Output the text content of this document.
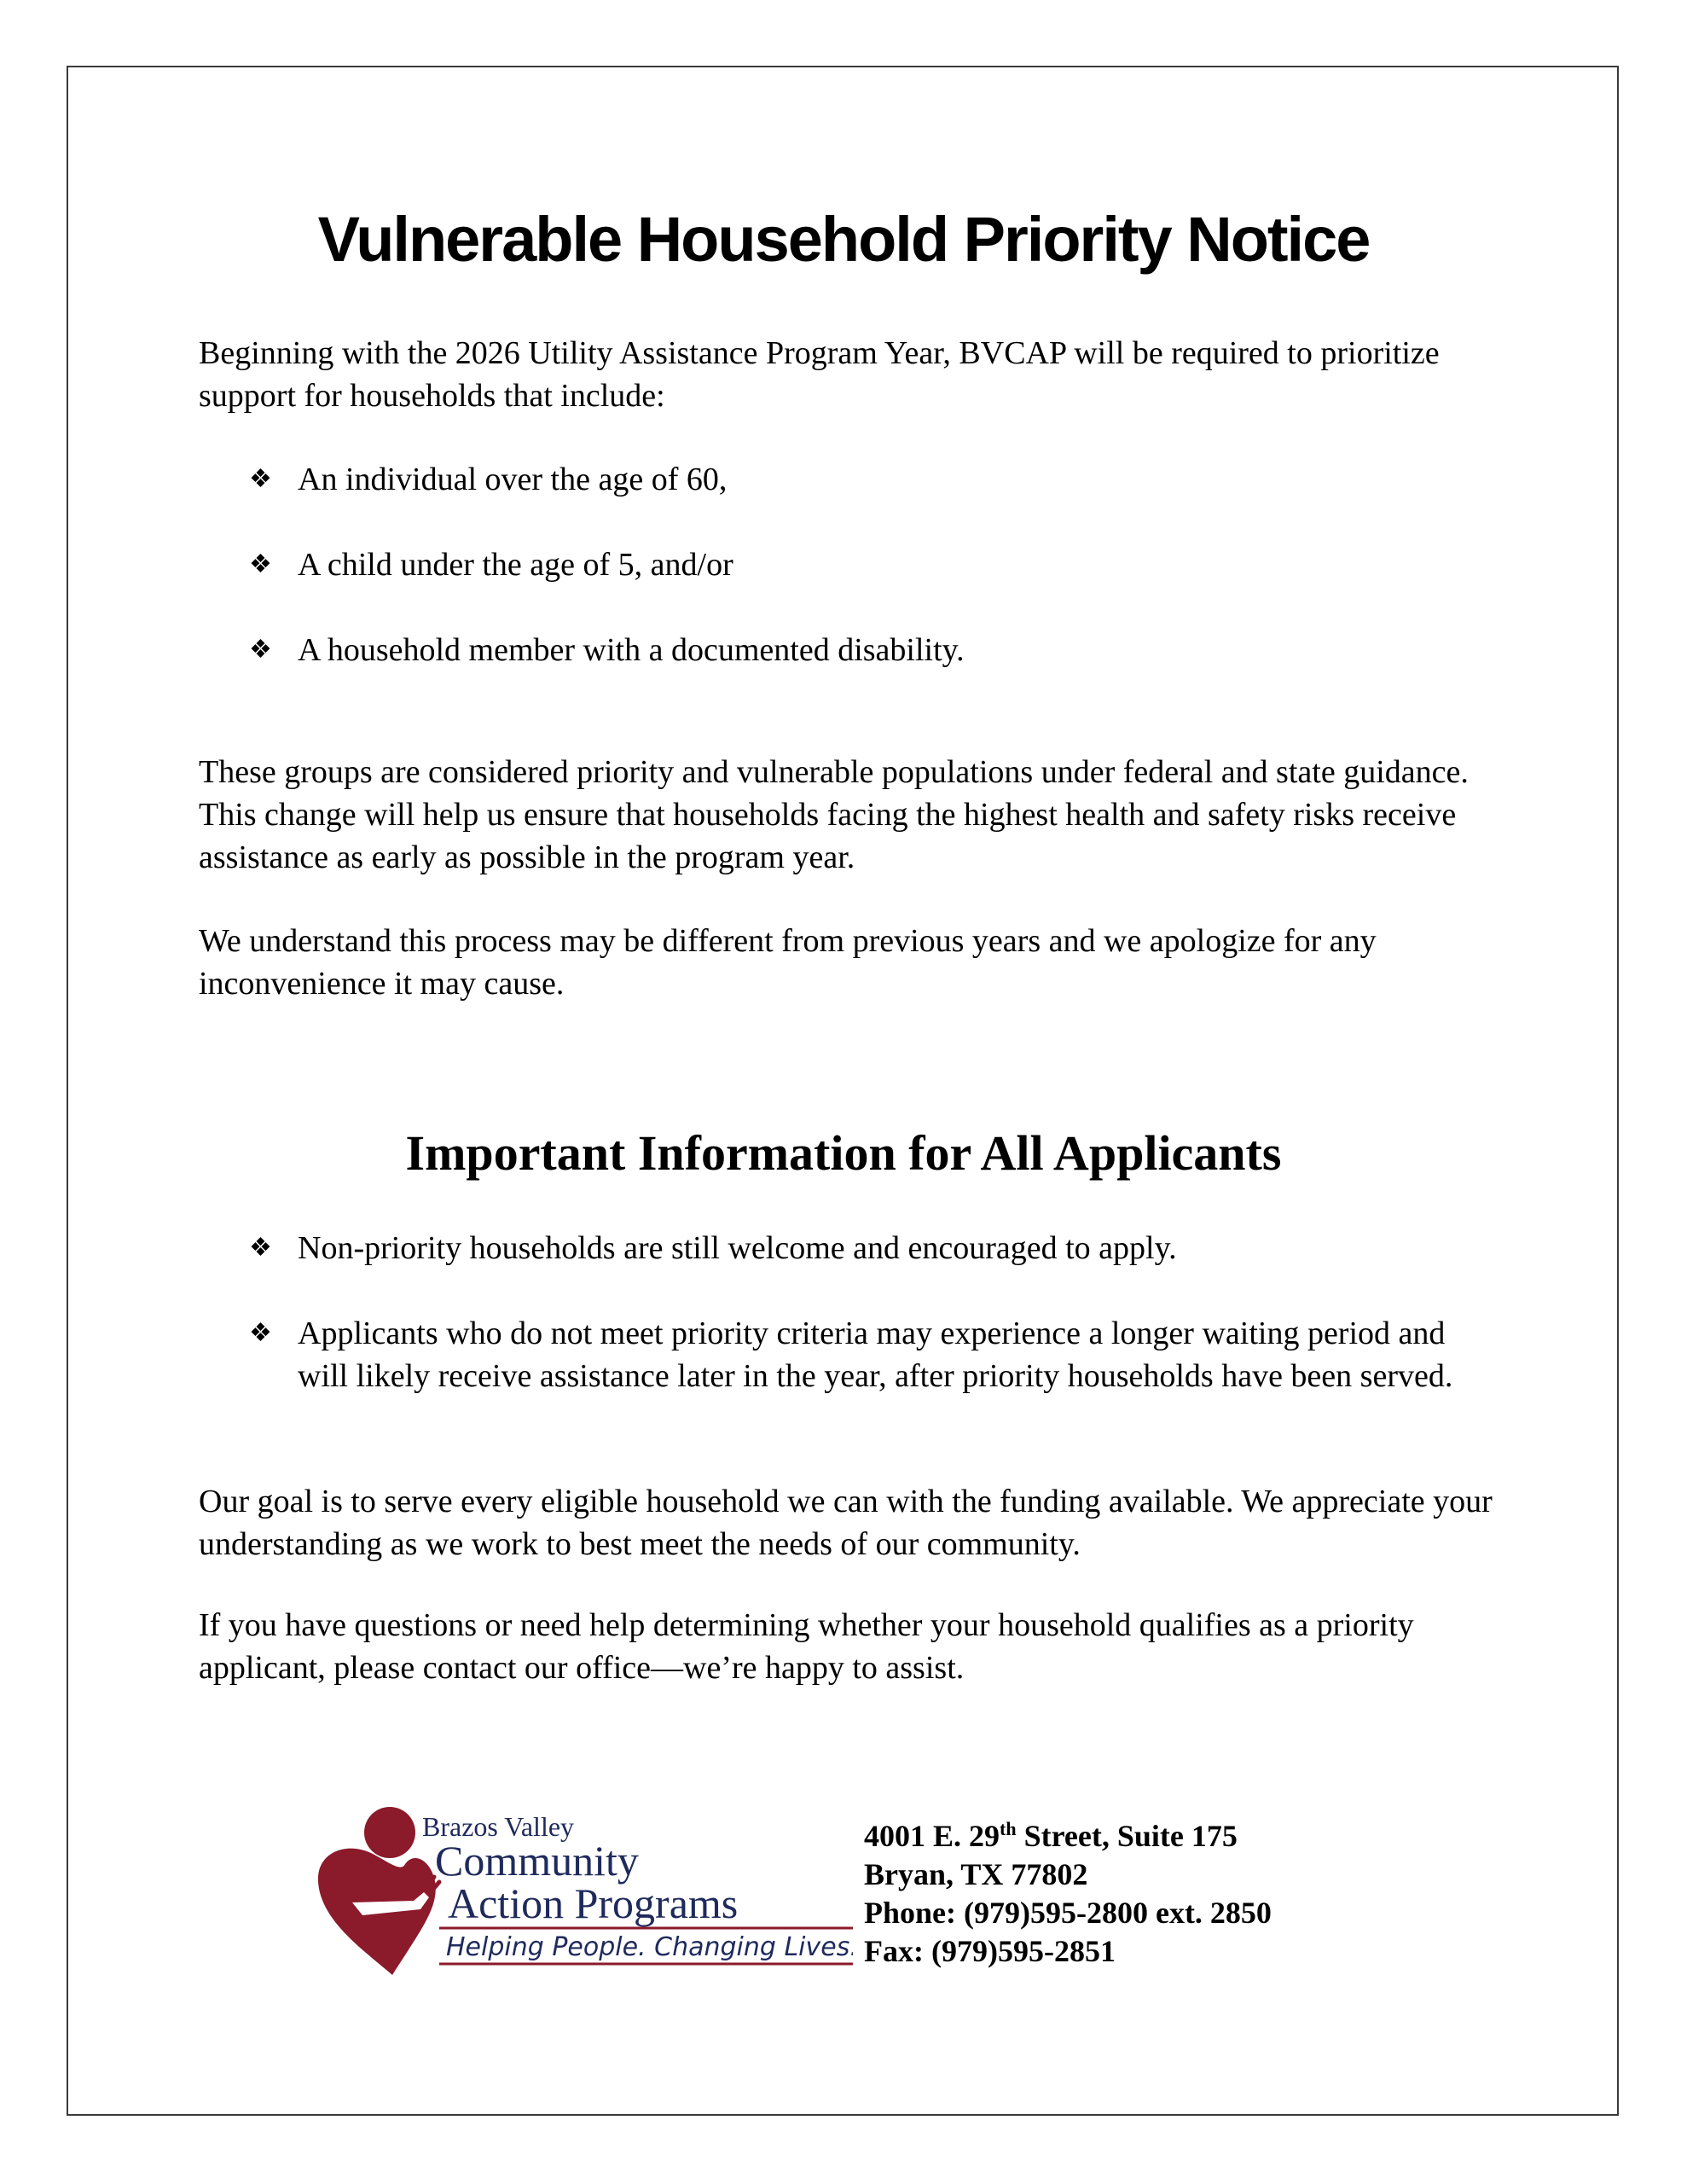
Vulnerable Household Priority Notice

Beginning with the 2026 Utility Assistance Program Year, BVCAP will be required to prioritize support for households that include:

❖ An individual over the age of 60,
❖ A child under the age of 5, and/or
❖ A household member with a documented disability.

These groups are considered priority and vulnerable populations under federal and state guidance. This change will help us ensure that households facing the highest health and safety risks receive assistance as early as possible in the program year.

We understand this process may be different from previous years and we apologize for any inconvenience it may cause.

Important Information for All Applicants
❖ Non-priority households are still welcome and encouraged to apply.
❖ Applicants who do not meet priority criteria may experience a longer waiting period and will likely receive assistance later in the year, after priority households have been served.

Our goal is to serve every eligible household we can with the funding available. We appreciate your understanding as we work to best meet the needs of our community.

If you have questions or need help determining whether your household qualifies as a priority applicant, please contact our office—we’re happy to assist.

Brazos Valley
Community
Action Programs
Helping People. Changing Lives.
4001 E. 29th Street, Suite 175
Bryan, TX 77802
Phone: (979)595-2800 ext. 2850
Fax: (979)595-2851
